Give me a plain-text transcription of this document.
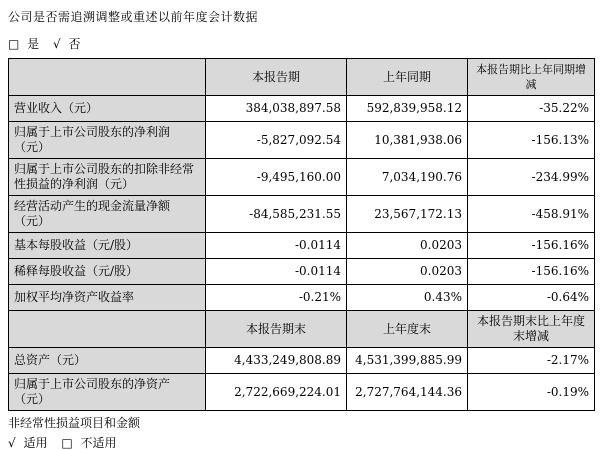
公司是否需追溯调整或重述以前年度会计数据
□ 是 √ 否
	本报告期	上年同期	本报告期比上年同期增减
营业收入（元）	384,038,897.58	592,839,958.12	-35.22%
归属于上市公司股东的净利润（元）	-5,827,092.54	10,381,938.06	-156.13%
归属于上市公司股东的扣除非经常性损益的净利润（元）	-9,495,160.00	7,034,190.76	-234.99%
经营活动产生的现金流量净额（元）	-84,585,231.55	23,567,172.13	-458.91%
基本每股收益（元/股）	-0.0114	0.0203	-156.16%
稀释每股收益（元/股）	-0.0114	0.0203	-156.16%
加权平均净资产收益率	-0.21%	0.43%	-0.64%
	本报告期末	上年度末	本报告期末比上年度末增减
总资产（元）	4,433,249,808.89	4,531,399,885.99	-2.17%
归属于上市公司股东的净资产（元）	2,722,669,224.01	2,727,764,144.36	-0.19%
非经常性损益项目和金额
√ 适用 □ 不适用
